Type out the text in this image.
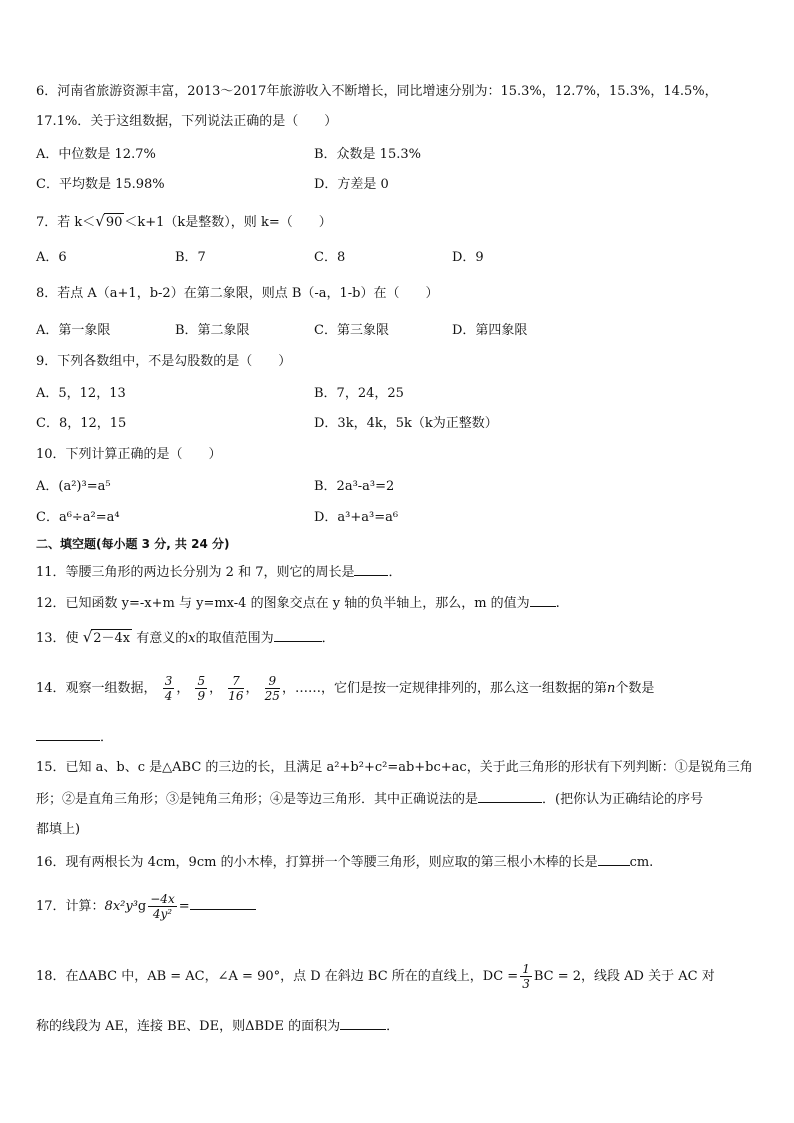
6．河南省旅游资源丰富，2013～2017年旅游收入不断增长，同比增速分别为：15.3%，12.7%，15.3%，14.5%，
17.1%．关于这组数据，下列说法正确的是（　　）
A．中位数是 12.7%	B．众数是 15.3%
C．平均数是 15.98%	D．方差是 0
7．若 k＜√90 ＜k+1（k是整数），则 k=（　　）
A．6	B．7	C．8	D．9
8．若点 A（a+1，b-2）在第二象限，则点 B（-a，1-b）在（　　）
A．第一象限	B．第二象限	C．第三象限	D．第四象限
9．下列各数组中，不是勾股数的是（　　）
A．5，12，13	B．7，24，25
C．8，12，15	D．3k，4k，5k（k为正整数）
10．下列计算正确的是（　　）
A．(a²)³=a⁵	B．2a³-a³=2
C．a⁶÷a²=a⁴	D．a³+a³=a⁶
二、填空题(每小题 3 分, 共 24 分)
11．等腰三角形的两边长分别为 2 和 7，则它的周长是	．
12．已知函数 y=-x+m 与 y=mx-4 的图象交点在 y 轴的负半轴上，那么，m 的值为 .
13．使 √2－4x 有意义的x的取值范围为	．
14．观察一组数据， $\frac{3}{4}$ ， $\frac{5}{9}$ ， $\frac{7}{16}$ ， $\frac{9}{25}$ ，……，它们是按一定规律排列的，那么这一组数据的第n个数是
．
15．已知 a、b、c 是△ABC 的三边的长，且满足 a²+b²+c²=ab+bc+ac，关于此三角形的形状有下列判断：①是锐角三角
形；②是直角三角形；③是钝角三角形；④是等边三角形．其中正确说法的是	．(把你认为正确结论的序号
都填上)
16．现有两根长为 4cm，9cm 的小木棒，打算拼一个等腰三角形，则应取的第三根小木棒的长是 cm.
17．计算：$8x^2y^3g \frac{-4x}{\text{4y²}}$ =
18．在ΔABC 中，AB = AC，∠A = 90°，点 D 在斜边 BC 所在的直线上，DC = $\frac{1}{3}$ BC = 2，线段 AD 关于 AC 对
称的线段为 AE，连接 BE、DE，则ΔBDE 的面积为	．
